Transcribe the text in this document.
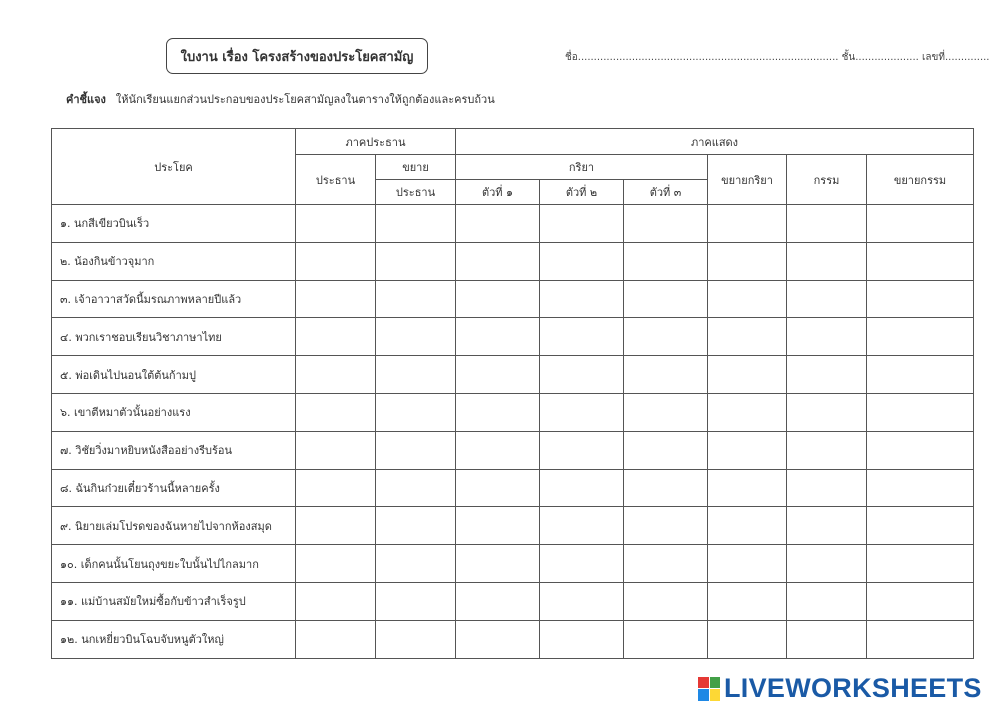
ใบงาน เรื่อง โครงสร้างของประโยคสามัญ	ชื่อ.................................................................................. ชั้น.................... เลขที่..............
คำชี้แจง ให้นักเรียนแยกส่วนประกอบของประโยคสามัญลงในตารางให้ถูกต้องและครบถ้วน
ประโยค	ภาคประธาน		ภาคแสดง					
	ประธาน	ขยาย	กริยา			ขยายกริยา	กรรม	ขยายกรรม
		ประธาน	ตัวที่ ๑	ตัวที่ ๒	ตัวที่ ๓			
๑. นกสีเขียวบินเร็ว								
๒. น้องกินข้าวจุมาก								
๓. เจ้าอาวาสวัดนี้มรณภาพหลายปีแล้ว								
๔. พวกเราชอบเรียนวิชาภาษาไทย								
๕. พ่อเดินไปนอนใต้ต้นก้ามปู								
๖. เขาตีหมาตัวนั้นอย่างแรง								
๗. วิชัยวิ่งมาหยิบหนังสืออย่างรีบร้อน								
๘. ฉันกินก๋วยเตี๋ยวร้านนี้หลายครั้ง								
๙. นิยายเล่มโปรดของฉันหายไปจากห้องสมุด								
๑๐. เด็กคนนั้นโยนถุงขยะใบนั้นไปไกลมาก								
๑๑. แม่บ้านสมัยใหม่ซื้อกับข้าวสำเร็จรูป								
๑๒. นกเหยี่ยวบินโฉบจับหนูตัวใหญ่								
LIVEWORKSHEETS
